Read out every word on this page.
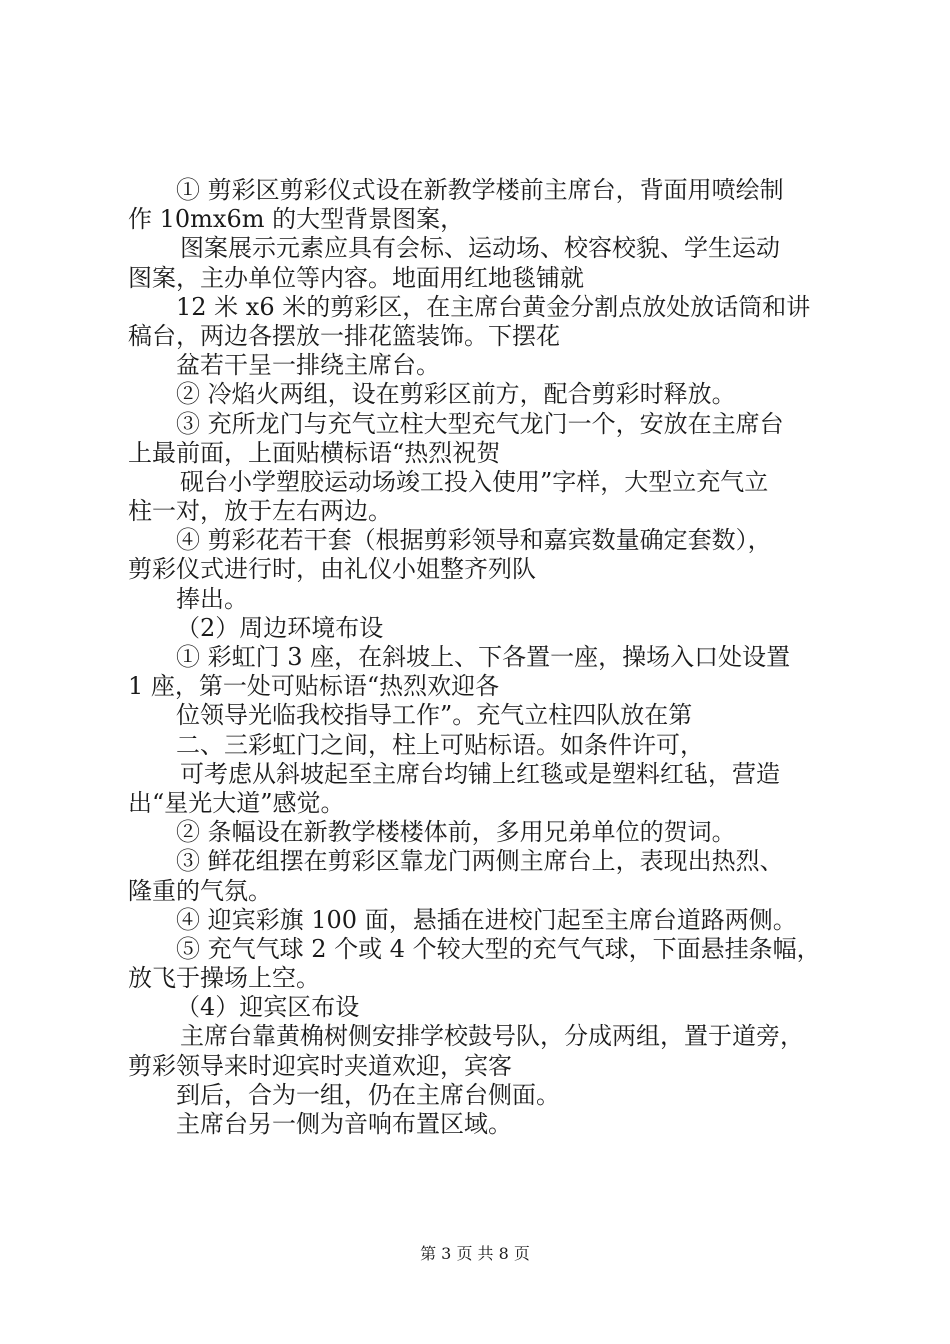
① 剪彩区剪彩仪式设在新教学楼前主席台，背面用喷绘制
作 10mx6m 的大型背景图案，
图案展示元素应具有会标、运动场、校容校貌、学生运动
图案，主办单位等内容。地面用红地毯铺就
12 米 x6 米的剪彩区，在主席台黄金分割点放处放话筒和讲
稿台，两边各摆放一排花篮装饰。下摆花
盆若干呈一排绕主席台。
② 冷焰火两组，设在剪彩区前方，配合剪彩时释放。
③ 充所龙门与充气立柱大型充气龙门一个，安放在主席台
上最前面，上面贴横标语“热烈祝贺
砚台小学塑胶运动场竣工投入使用”字样，大型立充气立
柱一对，放于左右两边。
④ 剪彩花若干套（根据剪彩领导和嘉宾数量确定套数），
剪彩仪式进行时，由礼仪小姐整齐列队
捧出。
（2）周边环境布设
① 彩虹门 3 座，在斜坡上、下各置一座，操场入口处设置
1 座，第一处可贴标语“热烈欢迎各
位领导光临我校指导工作”。充气立柱四队放在第
二、三彩虹门之间，柱上可贴标语。如条件许可，
可考虑从斜坡起至主席台均铺上红毯或是塑料红毡，营造
出“星光大道”感觉。
② 条幅设在新教学楼楼体前，多用兄弟单位的贺词。
③ 鲜花组摆在剪彩区靠龙门两侧主席台上，表现出热烈、
隆重的气氛。
④ 迎宾彩旗 100 面，悬插在进校门起至主席台道路两侧。
⑤ 充气气球 2 个或 4 个较大型的充气气球，下面悬挂条幅，
放飞于操场上空。
（4）迎宾区布设
主席台靠黄桷树侧安排学校鼓号队，分成两组，置于道旁，
剪彩领导来时迎宾时夹道欢迎，宾客
到后，合为一组，仍在主席台侧面。
主席台另一侧为音响布置区域。
第 3 页 共 8 页
